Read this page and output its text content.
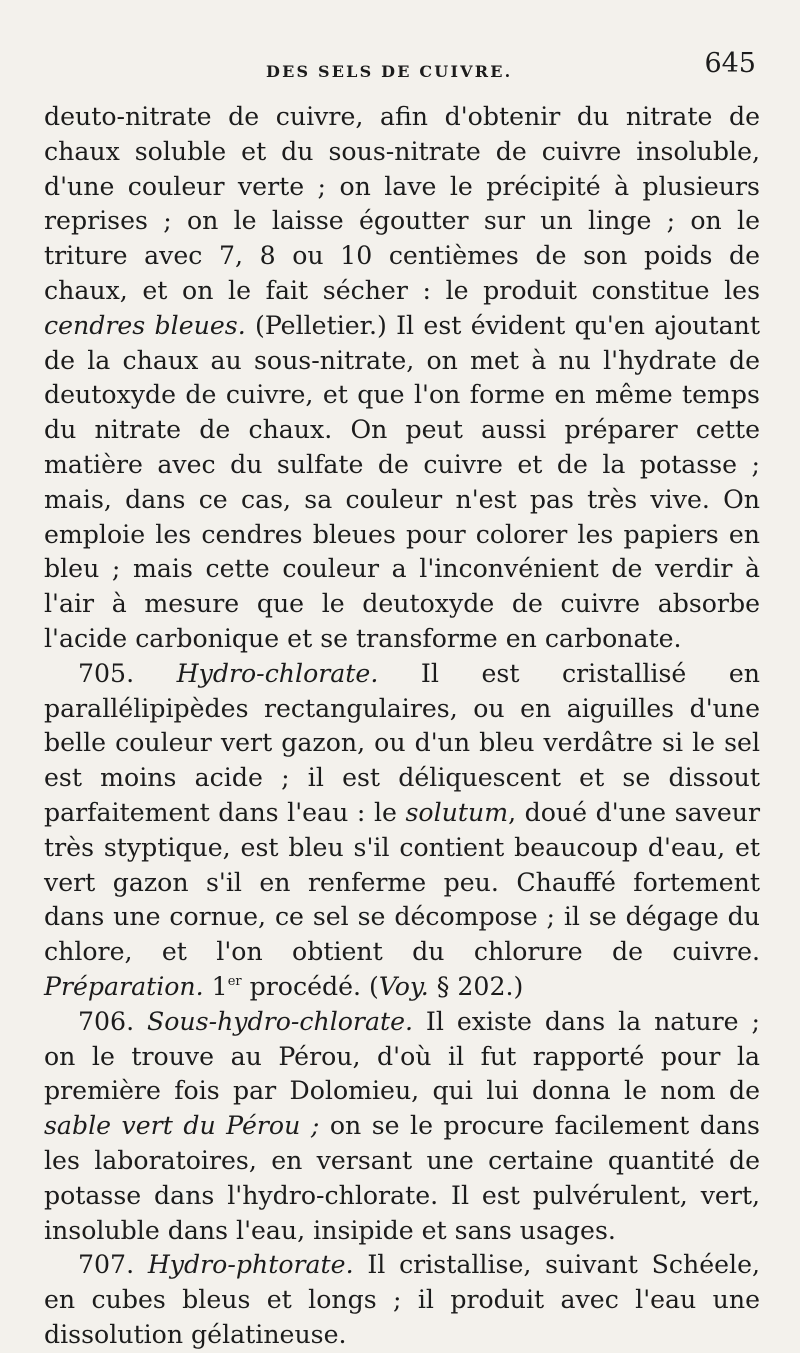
DES SELS DE CUIVRE.	645

deuto-nitrate de cuivre, afin d'obtenir du nitrate de chaux soluble et du sous-nitrate de cuivre insoluble, d'une couleur verte ; on lave le précipité à plusieurs reprises ; on le laisse égoutter sur un linge ; on le triture avec 7, 8 ou 10 centièmes de son poids de chaux, et on le fait sécher : le produit constitue les cendres bleues. (Pelletier.) Il est évident qu'en ajoutant de la chaux au sous-nitrate, on met à nu l'hydrate de deutoxyde de cuivre, et que l'on forme en même temps du nitrate de chaux. On peut aussi préparer cette matière avec du sulfate de cuivre et de la potasse ; mais, dans ce cas, sa couleur n'est pas très vive. On emploie les cendres bleues pour colorer les papiers en bleu ; mais cette couleur a l'inconvénient de verdir à l'air à mesure que le deutoxyde de cuivre absorbe l'acide carbonique et se transforme en carbonate.

705. Hydro-chlorate. Il est cristallisé en parallélipipèdes rectangulaires, ou en aiguilles d'une belle couleur vert gazon, ou d'un bleu verdâtre si le sel est moins acide ; il est déliquescent et se dissout parfaitement dans l'eau : le solutum, doué d'une saveur très styptique, est bleu s'il contient beaucoup d'eau, et vert gazon s'il en renferme peu. Chauffé fortement dans une cornue, ce sel se décompose ; il se dégage du chlore, et l'on obtient du chlorure de cuivre. Préparation. 1er procédé. (Voy. § 202.)

706. Sous-hydro-chlorate. Il existe dans la nature ; on le trouve au Pérou, d'où il fut rapporté pour la première fois par Dolomieu, qui lui donna le nom de sable vert du Pérou ; on se le procure facilement dans les laboratoires, en versant une certaine quantité de potasse dans l'hydro-chlorate. Il est pulvérulent, vert, insoluble dans l'eau, insipide et sans usages.

707. Hydro-phtorate. Il cristallise, suivant Schéele, en cubes bleus et longs ; il produit avec l'eau une dissolution gélatineuse.
